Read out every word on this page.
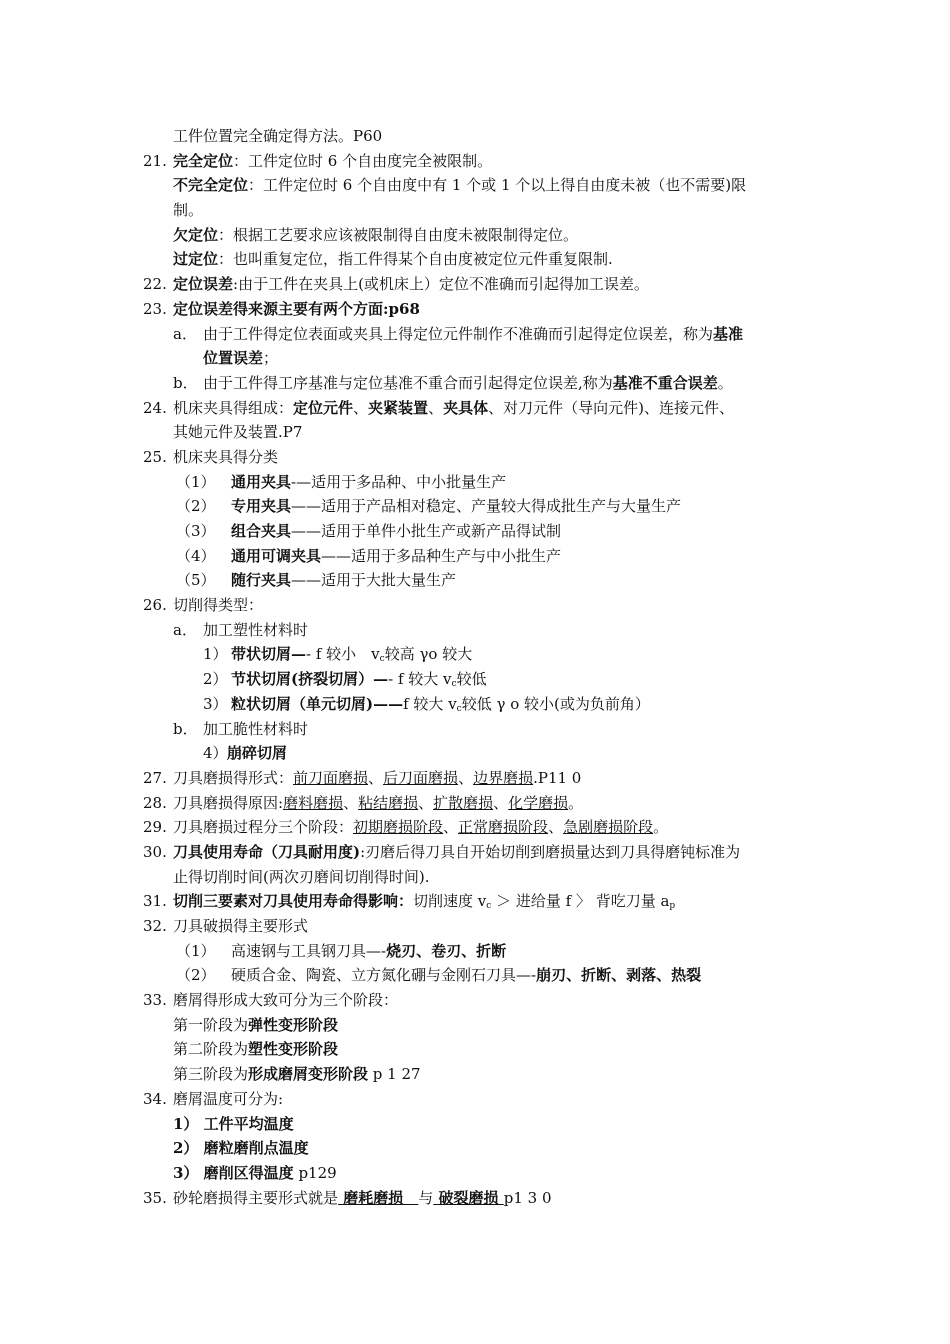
工件位置完全确定得方法。P60
21. 完全定位：工件定位时 6 个自由度完全被限制。
不完全定位：工件定位时 6 个自由度中有 1 个或 1 个以上得自由度未被（也不需要)限
制。
欠定位：根据工艺要求应该被限制得自由度未被限制得定位。
过定位：也叫重复定位，指工件得某个自由度被定位元件重复限制.
22. 定位误差:由于工件在夹具上(或机床上）定位不准确而引起得加工误差。
23. 定位误差得来源主要有两个方面:p68
a． 由于工件得定位表面或夹具上得定位元件制作不准确而引起得定位误差，称为基准
位置误差；
b． 由于工件得工序基准与定位基准不重合而引起得定位误差,称为基准不重合误差。
24. 机床夹具得组成：定位元件、夹紧装置、夹具体、对刀元件（导向元件)、连接元件、
其她元件及装置.P7
25. 机床夹具得分类
（1） 通用夹具-—适用于多品种、中小批量生产
（2） 专用夹具——适用于产品相对稳定、产量较大得成批生产与大量生产
（3） 组合夹具——适用于单件小批生产或新产品得试制
（4） 通用可调夹具——适用于多品种生产与中小批生产
（5） 随行夹具——适用于大批大量生产
26. 切削得类型：
a． 加工塑性材料时
1） 带状切屑—- f 较小　$v_c$较高 γo 较大
2） 节状切屑(挤裂切屑）—- f 较大 $v_c$较低
3） 粒状切屑（单元切屑)——f 较大 $v_c$较低 γ o 较小(或为负前角）
b． 加工脆性材料时
4） 崩碎切屑
27. 刀具磨损得形式：前刀面磨损、后刀面磨损、边界磨损.P11 0
28. 刀具磨损得原因:磨料磨损、粘结磨损、扩散磨损、化学磨损。
29. 刀具磨损过程分三个阶段：初期磨损阶段、正常磨损阶段、急剧磨损阶段。
30. 刀具使用寿命（刀具耐用度):刃磨后得刀具自开始切削到磨损量达到刀具得磨钝标准为
止得切削时间(两次刃磨间切削得时间).
31. 切削三要素对刀具使用寿命得影响：切削速度 $v_c$ ＞ 进给量 f 〉 背吃刀量 $a_p$
32. 刀具破损得主要形式
（1） 高速钢与工具钢刀具—-烧刃、卷刃、折断
（2） 硬质合金、陶瓷、立方氮化硼与金刚石刀具—-崩刃、折断、剥落、热裂
33. 磨屑得形成大致可分为三个阶段：
第一阶段为弹性变形阶段
第二阶段为塑性变形阶段
第三阶段为形成磨屑变形阶段 p 1 27
34. 磨屑温度可分为:
1） 工件平均温度
2） 磨粒磨削点温度
3） 磨削区得温度 p129
35. 砂轮磨损得主要形式就是 磨耗磨损　与 破裂磨损 p1 3 0
